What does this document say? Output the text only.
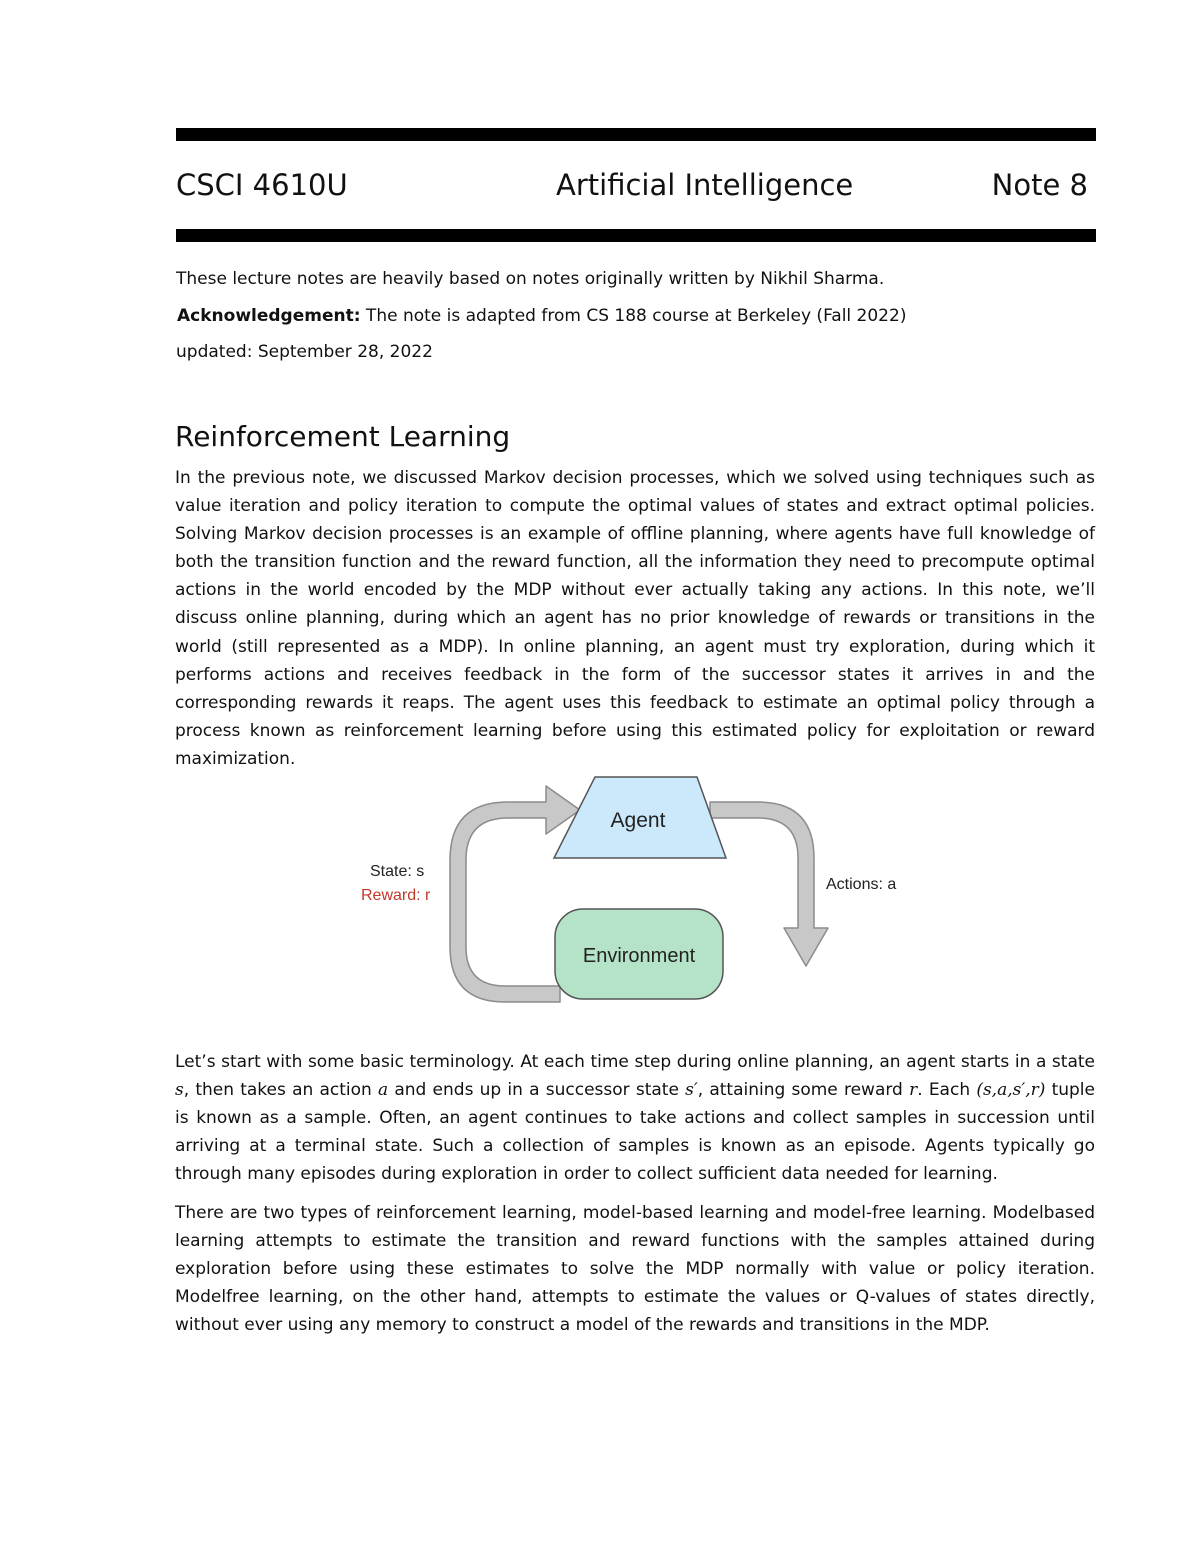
CSCI 4610U	Artificial Intelligence	Note 8
These lecture notes are heavily based on notes originally written by Nikhil Sharma.
Acknowledgement: The note is adapted from CS 188 course at Berkeley (Fall 2022)
updated: September 28, 2022
Reinforcement Learning

In the previous note, we discussed Markov decision processes, which we solved using techniques such as value iteration and policy iteration to compute the optimal values of states and extract optimal policies. Solving Markov decision processes is an example of offline planning, where agents have full knowledge of both the transition function and the reward function, all the information they need to precompute optimal actions in the world encoded by the MDP without ever actually taking any actions. In this note, we’ll discuss online planning, during which an agent has no prior knowledge of rewards or transitions in the world (still represented as a MDP). In online planning, an agent must try exploration, during which it performs actions and receives feedback in the form of the successor states it arrives in and the corresponding rewards it reaps. The agent uses this feedback to estimate an optimal policy through a process known as reinforcement learning before using this estimated policy for exploitation or reward maximization.

Agent
Environment
State: s
Reward: r
Actions: a

Let’s start with some basic terminology. At each time step during online planning, an agent starts in a state s, then takes an action a and ends up in a successor state s′, attaining some reward r. Each (s,a,s′,r) tuple is known as a sample. Often, an agent continues to take actions and collect samples in succession until arriving at a terminal state. Such a collection of samples is known as an episode. Agents typically go through many episodes during exploration in order to collect sufficient data needed for learning.

There are two types of reinforcement learning, model-based learning and model-free learning. Modelbased learning attempts to estimate the transition and reward functions with the samples attained during exploration before using these estimates to solve the MDP normally with value or policy iteration. Modelfree learning, on the other hand, attempts to estimate the values or Q-values of states directly, without ever using any memory to construct a model of the rewards and transitions in the MDP.
